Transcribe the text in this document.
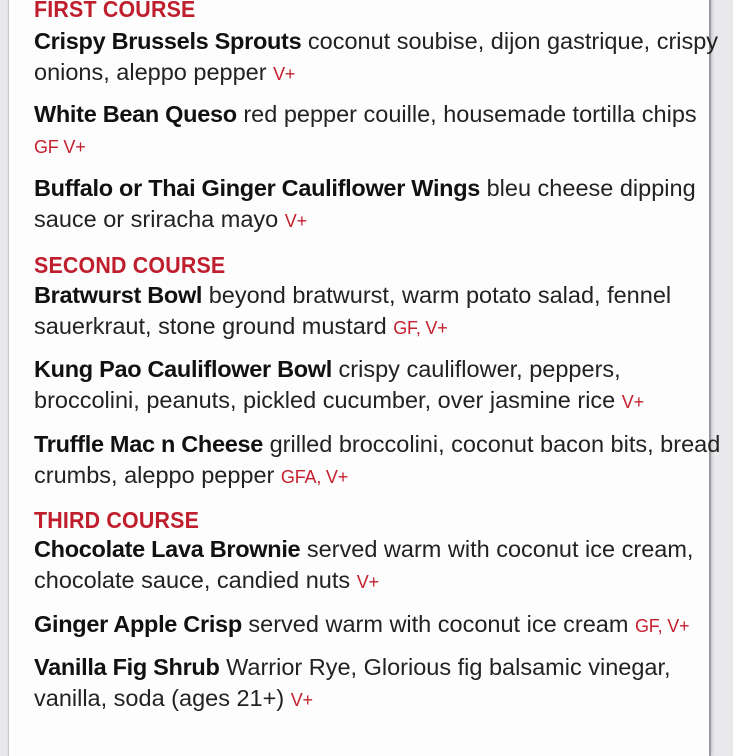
FIRST COURSE
Crispy Brussels Sprouts coconut soubise, dijon gastrique, crispy onions, aleppo pepper V+
White Bean Queso red pepper couille, housemade tortilla chips GF V+
Buffalo or Thai Ginger Cauliflower Wings bleu cheese dipping sauce or sriracha mayo V+
SECOND COURSE
Bratwurst Bowl beyond bratwurst, warm potato salad, fennel sauerkraut, stone ground mustard GF, V+
Kung Pao Cauliflower Bowl crispy cauliflower, peppers, broccolini, peanuts, pickled cucumber, over jasmine rice V+
Truffle Mac n Cheese grilled broccolini, coconut bacon bits, bread crumbs, aleppo pepper GFA, V+
THIRD COURSE
Chocolate Lava Brownie served warm with coconut ice cream, chocolate sauce, candied nuts V+
Ginger Apple Crisp served warm with coconut ice cream GF, V+
Vanilla Fig Shrub Warrior Rye, Glorious fig balsamic vinegar, vanilla, soda (ages 21+) V+
